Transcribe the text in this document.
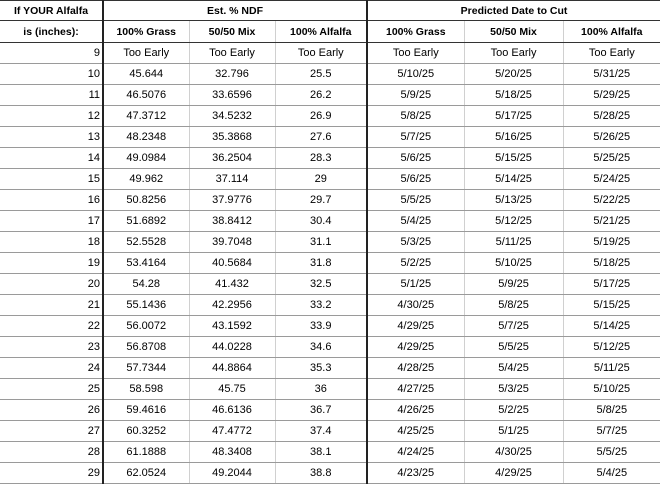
If YOUR Alfalfa	Est. % NDF			Predicted Date to Cut		
is (inches):	100% Grass	50/50 Mix	100% Alfalfa	100% Grass	50/50 Mix	100% Alfalfa
9	Too Early	Too Early	Too Early	Too Early	Too Early	Too Early
10	45.644	32.796	25.5	5/10/25	5/20/25	5/31/25
11	46.5076	33.6596	26.2	5/9/25	5/18/25	5/29/25
12	47.3712	34.5232	26.9	5/8/25	5/17/25	5/28/25
13	48.2348	35.3868	27.6	5/7/25	5/16/25	5/26/25
14	49.0984	36.2504	28.3	5/6/25	5/15/25	5/25/25
15	49.962	37.114	29	5/6/25	5/14/25	5/24/25
16	50.8256	37.9776	29.7	5/5/25	5/13/25	5/22/25
17	51.6892	38.8412	30.4	5/4/25	5/12/25	5/21/25
18	52.5528	39.7048	31.1	5/3/25	5/11/25	5/19/25
19	53.4164	40.5684	31.8	5/2/25	5/10/25	5/18/25
20	54.28	41.432	32.5	5/1/25	5/9/25	5/17/25
21	55.1436	42.2956	33.2	4/30/25	5/8/25	5/15/25
22	56.0072	43.1592	33.9	4/29/25	5/7/25	5/14/25
23	56.8708	44.0228	34.6	4/29/25	5/5/25	5/12/25
24	57.7344	44.8864	35.3	4/28/25	5/4/25	5/11/25
25	58.598	45.75	36	4/27/25	5/3/25	5/10/25
26	59.4616	46.6136	36.7	4/26/25	5/2/25	5/8/25
27	60.3252	47.4772	37.4	4/25/25	5/1/25	5/7/25
28	61.1888	48.3408	38.1	4/24/25	4/30/25	5/5/25
29	62.0524	49.2044	38.8	4/23/25	4/29/25	5/4/25
